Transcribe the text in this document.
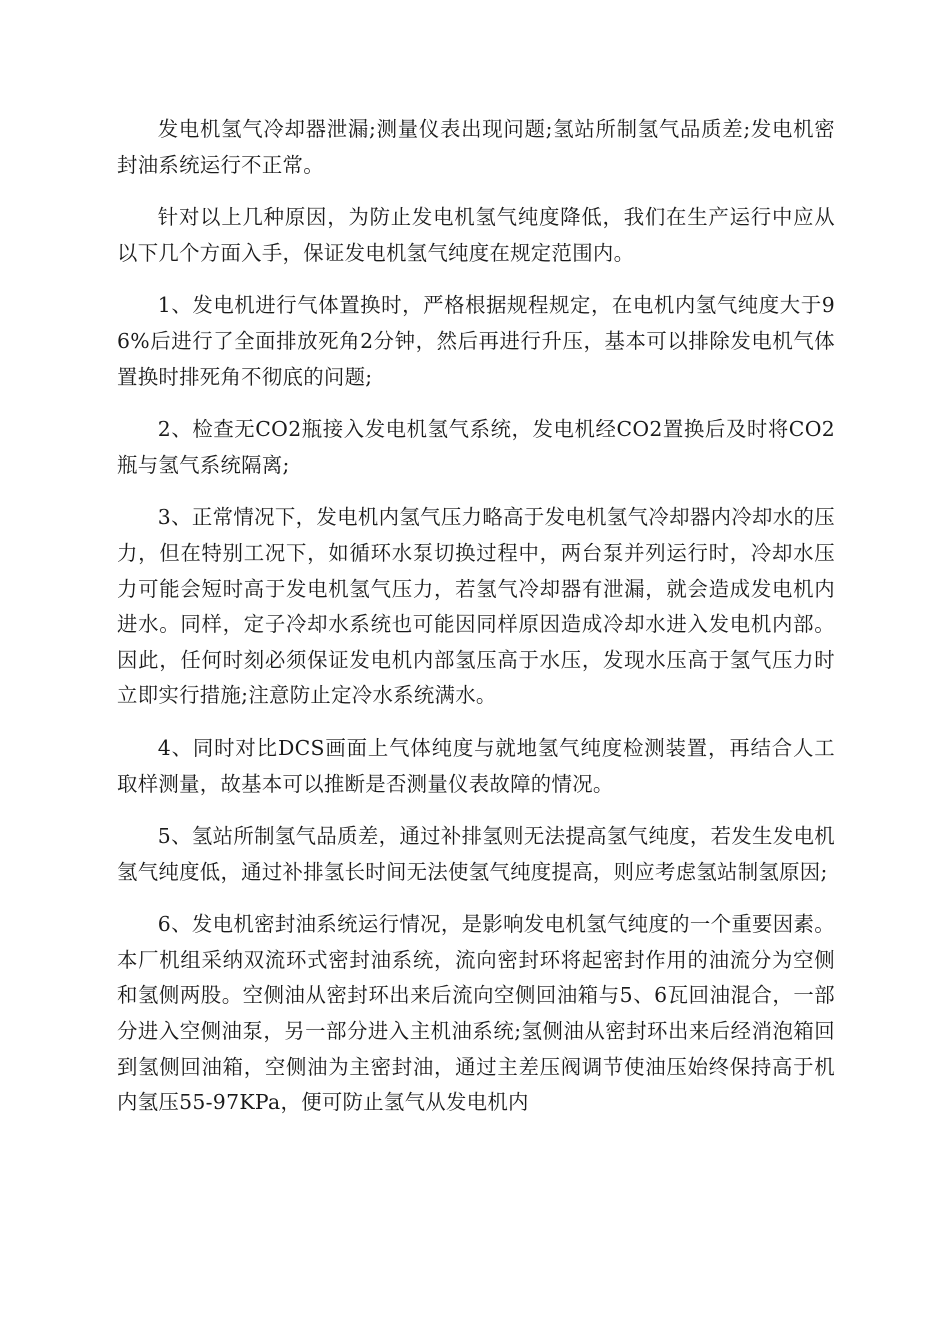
发电机氢气冷却器泄漏;测量仪表出现问题;氢站所制氢气品质差;发电机密封油系统运行不正常。

针对以上几种原因，为防止发电机氢气纯度降低，我们在生产运行中应从以下几个方面入手，保证发电机氢气纯度在规定范围内。

1、发电机进行气体置换时，严格根据规程规定，在电机内氢气纯度大于96%后进行了全面排放死角2分钟，然后再进行升压，基本可以排除发电机气体置换时排死角不彻底的问题;

2、检查无CO2瓶接入发电机氢气系统，发电机经CO2置换后及时将CO2瓶与氢气系统隔离;

3、正常情况下，发电机内氢气压力略高于发电机氢气冷却器内冷却水的压力，但在特别工况下，如循环水泵切换过程中，两台泵并列运行时，冷却水压力可能会短时高于发电机氢气压力，若氢气冷却器有泄漏，就会造成发电机内进水。同样，定子冷却水系统也可能因同样原因造成冷却水进入发电机内部。因此，任何时刻必须保证发电机内部氢压高于水压，发现水压高于氢气压力时立即实行措施;注意防止定冷水系统满水。

4、同时对比DCS画面上气体纯度与就地氢气纯度检测装置，再结合人工取样测量，故基本可以推断是否测量仪表故障的情况。

5、氢站所制氢气品质差，通过补排氢则无法提高氢气纯度，若发生发电机氢气纯度低，通过补排氢长时间无法使氢气纯度提高，则应考虑氢站制氢原因;

6、发电机密封油系统运行情况，是影响发电机氢气纯度的一个重要因素。本厂机组采纳双流环式密封油系统，流向密封环将起密封作用的油流分为空侧和氢侧两股。空侧油从密封环出来后流向空侧回油箱与5、6瓦回油混合，一部分进入空侧油泵，另一部分进入主机油系统;氢侧油从密封环出来后经消泡箱回到氢侧回油箱，空侧油为主密封油，通过主差压阀调节使油压始终保持高于机内氢压55-97KPa，便可防止氢气从发电机内
